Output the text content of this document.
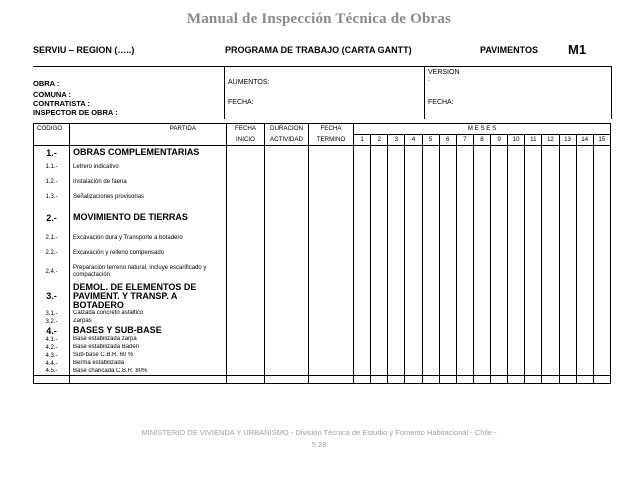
Manual de Inspección Técnica de Obras
SERVIU – REGION (…..)	PROGRAMA DE TRABAJO (CARTA GANTT)	PAVIMENTOS M1
OBRA :
COMUNA :
CONTRATISTA :
INSPECTOR DE OBRA :
AUMENTOS:
FECHA:
VERSION
:
FECHA:
CODIGO	PARTIDA	FECHA	DURACION	FECHA	M E S E S														
		INICIO	ACTIVIDAD	TERMINO	1	2	3	4	5	6	7	8	9	10	11	12	13	14	15
1.-	OBRAS COMPLEMENTARIAS																		
1.1.-	Letrero indicativo																		
1.2.-	Instalación de faena																		
1.3.-	Señalizaciones provisorias																		
2.-	MOVIMIENTO DE TIERRAS																		
2.1.-	Excavación dura y Transporte a botadero																		
2.2.-	Excavación y relleno compensado																		
2.4.-	Preparación terreno natural, incluye escarificado y compactación																		
3.-	DEMOL. DE ELEMENTOS DE PAVIMENT. Y TRANSP. A BOTADERO																		
3.1.-	Calzada concreto asfáltico																		
3.2.-	Zarpas																		
4.-	BASES Y SUB-BASE																		
4.1.-	Base estabilizada zarpa																		
4.2.-	Base estabilizada Baden																		
4.3.-	Sub-base C.B.R. 60 %																		
4.4.-	Berma estabilizada																		
4.5.-	Base chancada C.B.R. 80%																		

MINISTERIO DE VIVIENDA Y URBANISMO - División Técnica de Estudio y Fomento Habitacional - Chile -
5.28
